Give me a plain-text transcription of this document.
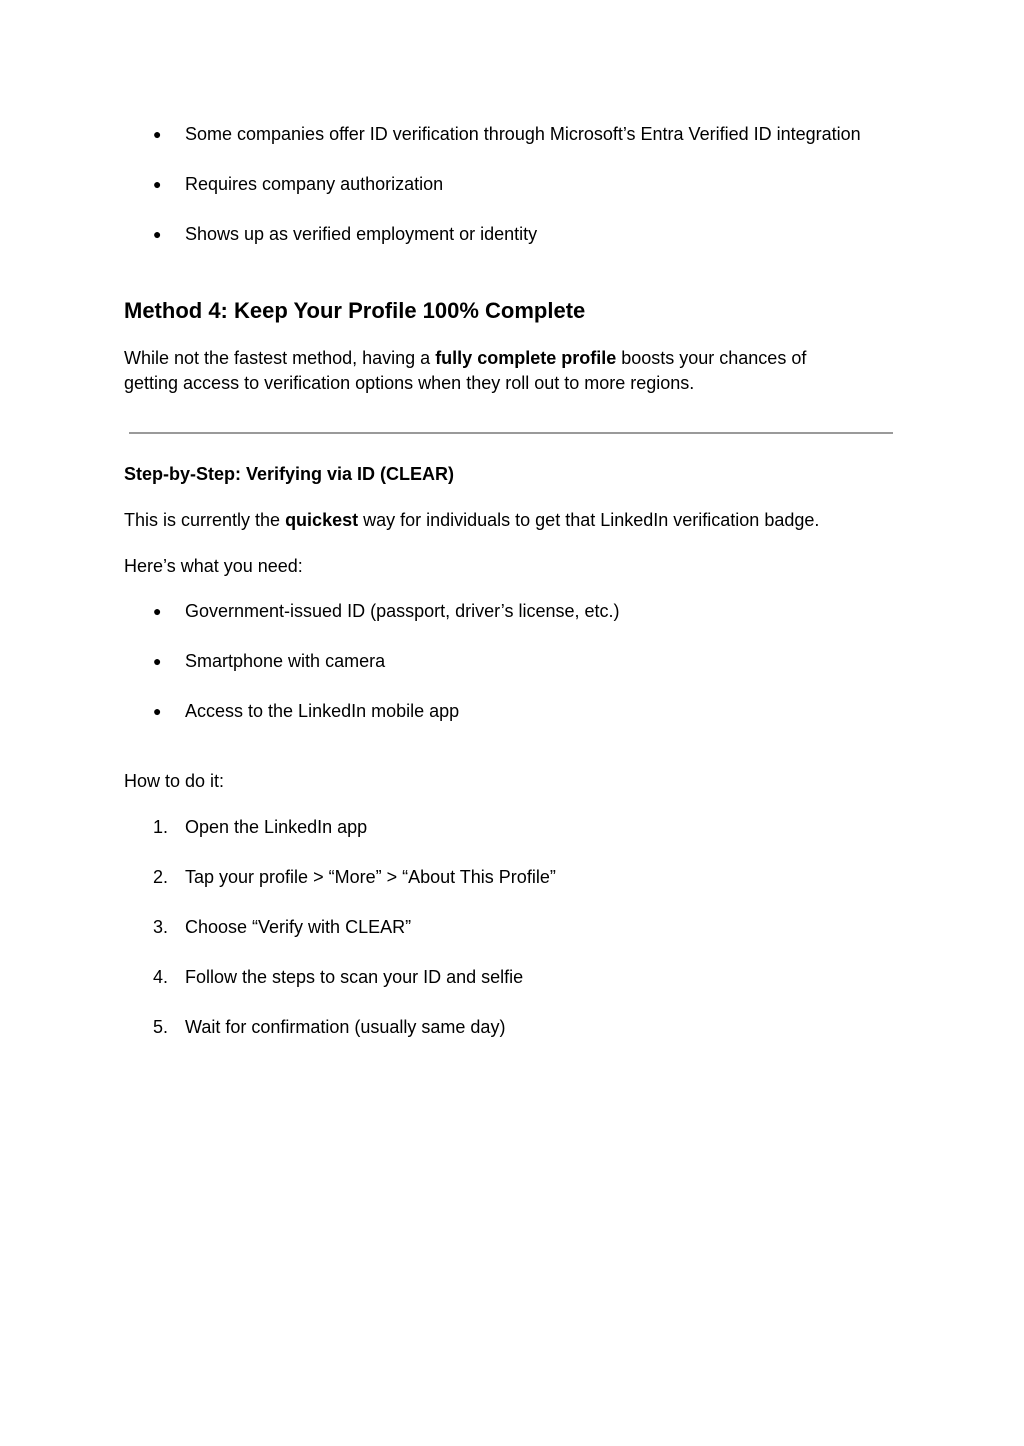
● Some companies offer ID verification through Microsoft’s Entra Verified ID integration
● Requires company authorization
● Shows up as verified employment or identity
Method 4: Keep Your Profile 100% Complete
While not the fastest method, having a fully complete profile boosts your chances of
getting access to verification options when they roll out to more regions.
Step-by-Step: Verifying via ID (CLEAR)
This is currently the quickest way for individuals to get that LinkedIn verification badge.
Here’s what you need:
● Government-issued ID (passport, driver’s license, etc.)
● Smartphone with camera
● Access to the LinkedIn mobile app
How to do it:
1. Open the LinkedIn app
2. Tap your profile > “More” > “About This Profile”
3. Choose “Verify with CLEAR”
4. Follow the steps to scan your ID and selfie
5. Wait for confirmation (usually same day)
